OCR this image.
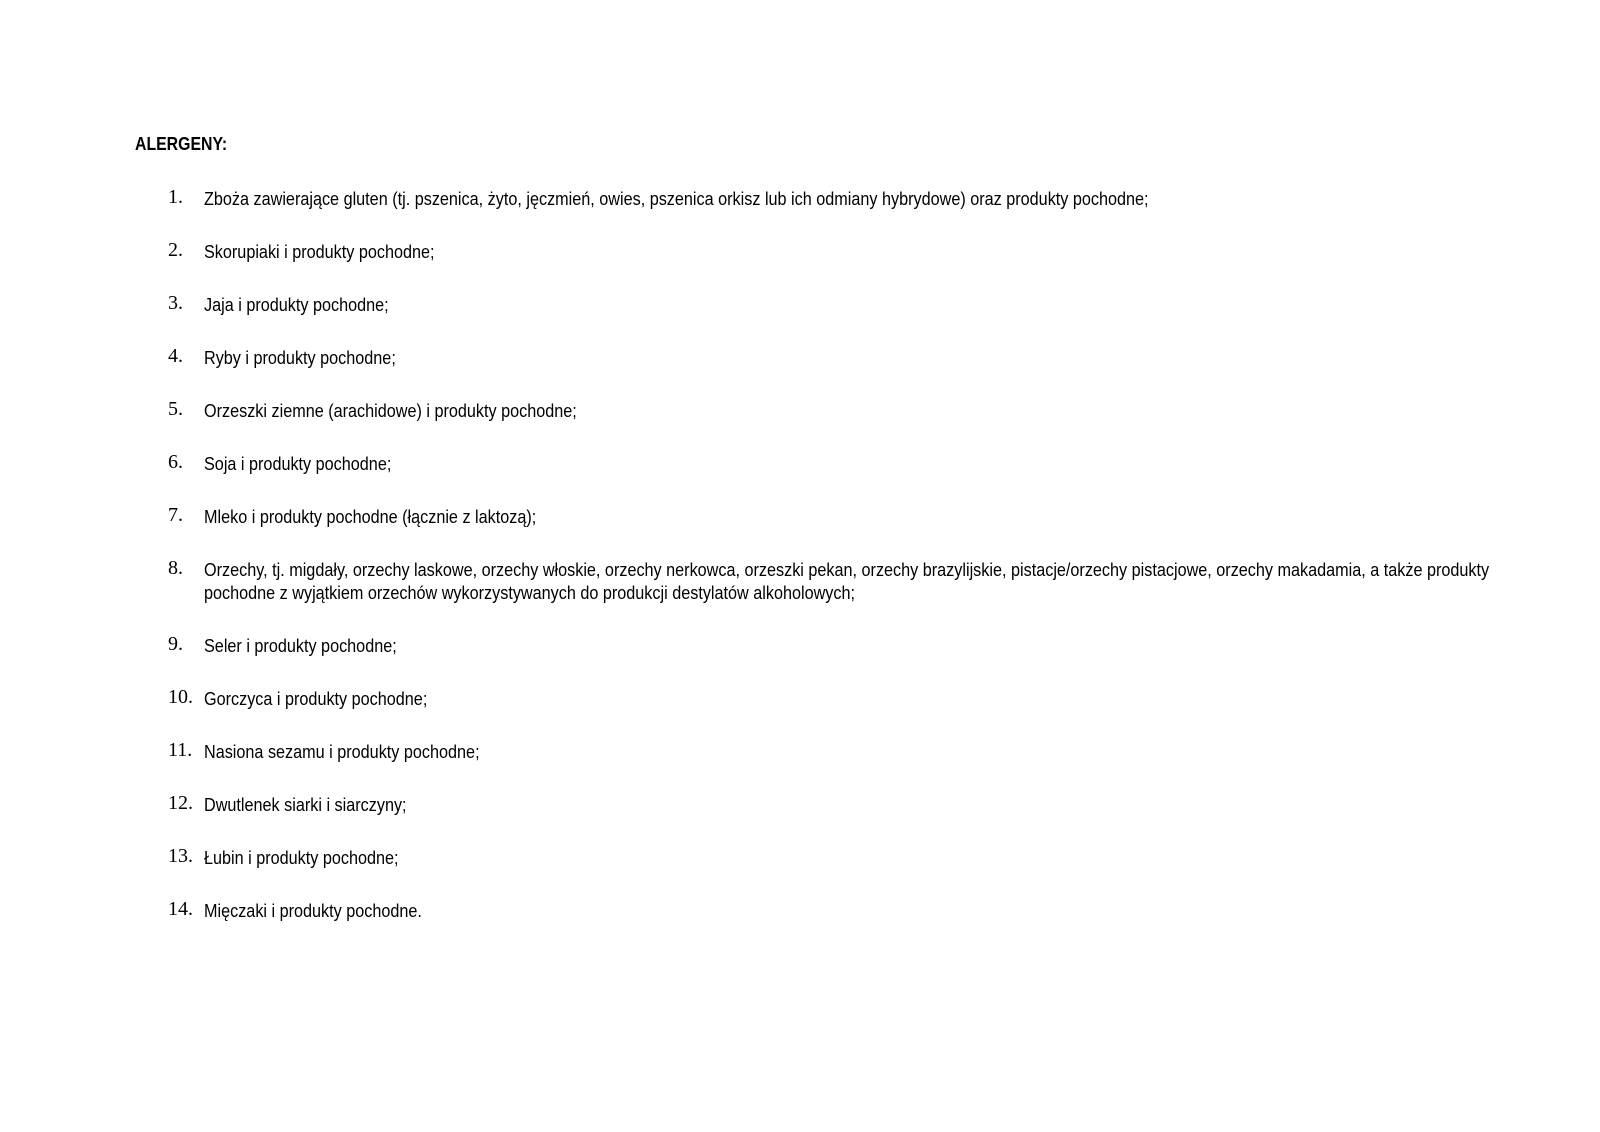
ALERGENY:
1. Zboża zawierające gluten (tj. pszenica, żyto, jęczmień, owies, pszenica orkisz lub ich odmiany hybrydowe) oraz produkty pochodne;
2. Skorupiaki i produkty pochodne;
3. Jaja i produkty pochodne;
4. Ryby i produkty pochodne;
5. Orzeszki ziemne (arachidowe) i produkty pochodne;
6. Soja i produkty pochodne;
7. Mleko i produkty pochodne (łącznie z laktozą);
8. Orzechy, tj. migdały, orzechy laskowe, orzechy włoskie, orzechy nerkowca, orzeszki pekan, orzechy brazylijskie, pistacje/orzechy pistacjowe, orzechy makadamia, a także produkty pochodne z wyjątkiem orzechów wykorzystywanych do produkcji destylatów alkoholowych;
9. Seler i produkty pochodne;
10. Gorczyca i produkty pochodne;
11. Nasiona sezamu i produkty pochodne;
12. Dwutlenek siarki i siarczyny;
13. Łubin i produkty pochodne;
14. Mięczaki i produkty pochodne.
